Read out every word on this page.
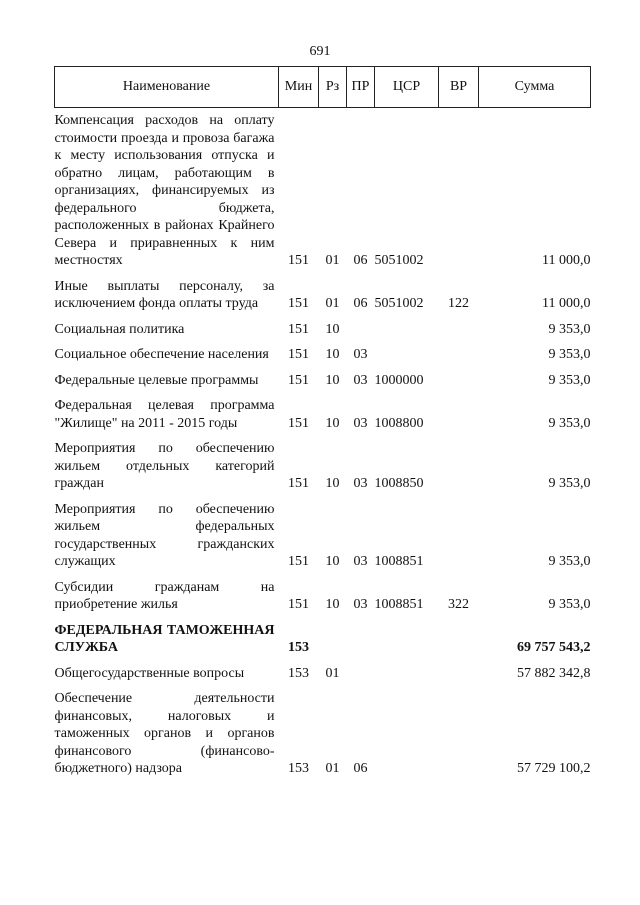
691
Наименование	Мин	Рз	ПР	ЦСР	ВР	Сумма
Компенсация расходов на оплату стоимости проезда и провоза багажа к месту использования отпуска и обратно лицам, работающим в организациях, финансируемых из федерального бюджета, расположенных в районах Крайнего Севера и приравненных к ним местностях	151	01	06	5051002		11 000,0
Иные выплаты персоналу, за исключением фонда оплаты труда	151	01	06	5051002	122	11 000,0
Социальная политика	151	10				9 353,0
Социальное обеспечение населения	151	10	03			9 353,0
Федеральные целевые программы	151	10	03	1000000		9 353,0
Федеральная целевая программа "Жилище" на 2011 - 2015 годы	151	10	03	1008800		9 353,0
Мероприятия по обеспечению жильем отдельных категорий граждан	151	10	03	1008850		9 353,0
Мероприятия по обеспечению жильем федеральных государственных гражданских служащих	151	10	03	1008851		9 353,0
Субсидии гражданам на приобретение жилья	151	10	03	1008851	322	9 353,0
ФЕДЕРАЛЬНАЯ ТАМОЖЕННАЯ СЛУЖБА	153					69 757 543,2
Общегосударственные вопросы	153	01				57 882 342,8
Обеспечение деятельности финансовых, налоговых и таможенных органов и органов финансового (финансово-бюджетного) надзора	153	01	06			57 729 100,2
